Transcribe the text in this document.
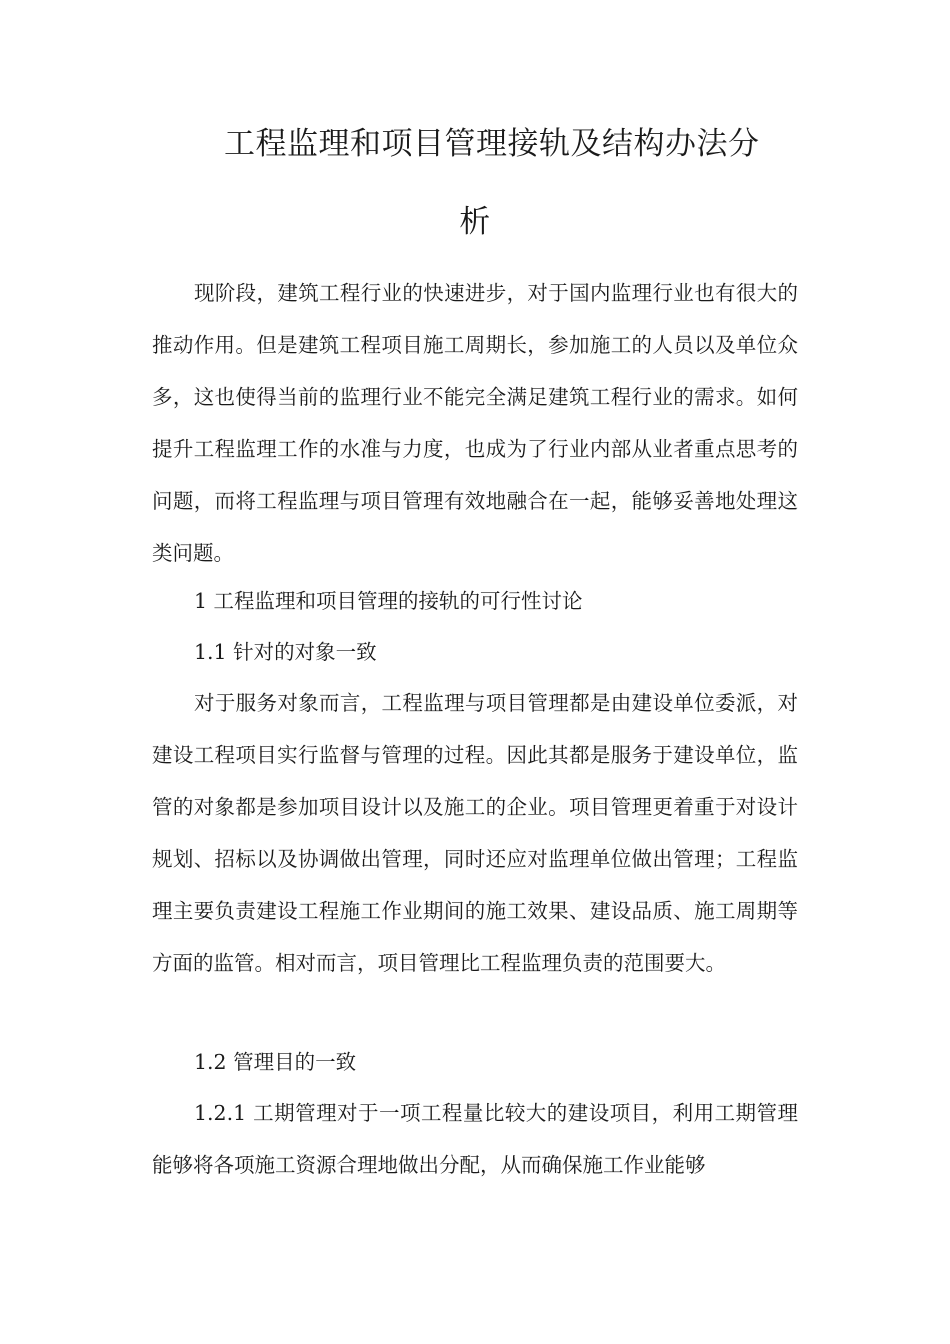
工程监理和项目管理接轨及结构办法分
析
现阶段，建筑工程行业的快速进步，对于国内监理行业也有很大的推动作用。但是建筑工程项目施工周期长，参加施工的人员以及单位众多，这也使得当前的监理行业不能完全满足建筑工程行业的需求。如何提升工程监理工作的水准与力度，也成为了行业内部从业者重点思考的问题，而将工程监理与项目管理有效地融合在一起，能够妥善地处理这类问题。
1 工程监理和项目管理的接轨的可行性讨论
1.1 针对的对象一致
对于服务对象而言，工程监理与项目管理都是由建设单位委派，对建设工程项目实行监督与管理的过程。因此其都是服务于建设单位，监管的对象都是参加项目设计以及施工的企业。项目管理更着重于对设计规划、招标以及协调做出管理，同时还应对监理单位做出管理；工程监理主要负责建设工程施工作业期间的施工效果、建设品质、施工周期等方面的监管。相对而言，项目管理比工程监理负责的范围要大。
1.2 管理目的一致
1.2.1 工期管理对于一项工程量比较大的建设项目，利用工期管理能够将各项施工资源合理地做出分配，从而确保施工作业能够
